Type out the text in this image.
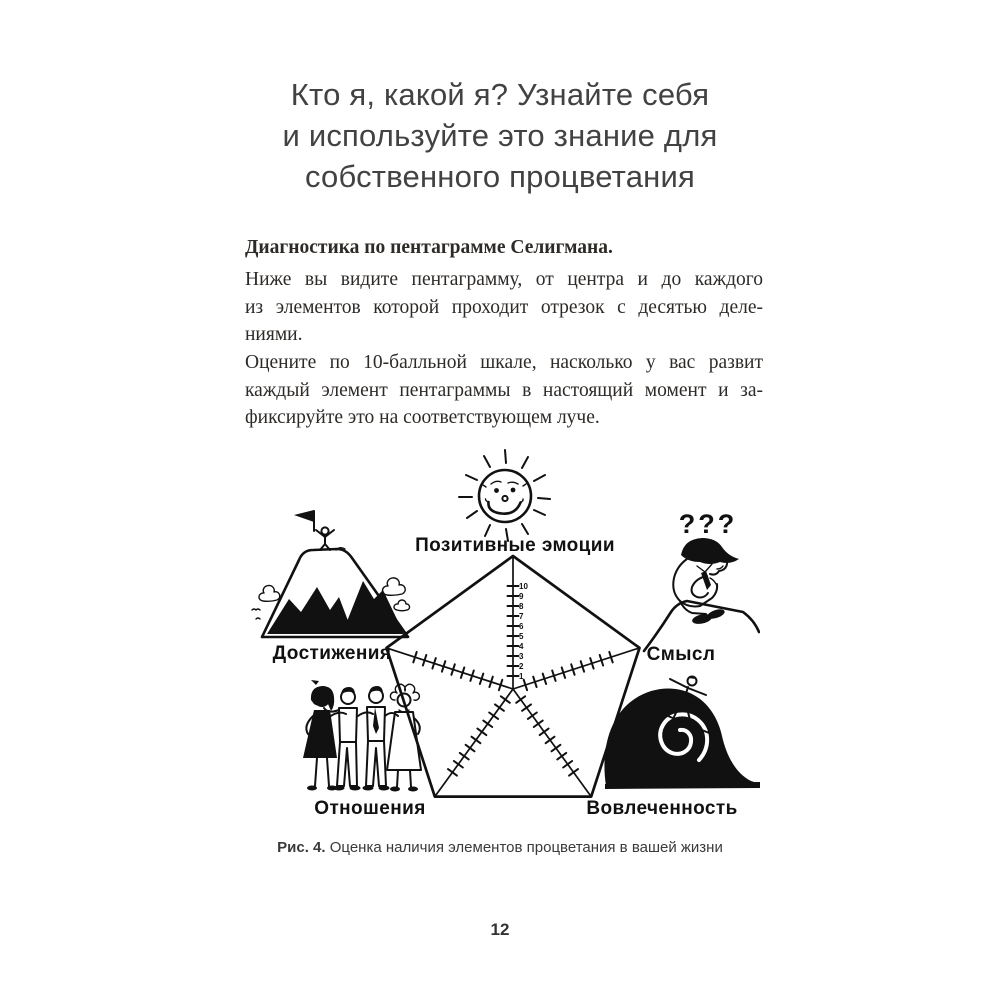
Кто я, какой я? Узнайте себя
и используйте это знание для
собственного процветания
Диагностика по пентаграмме Селигмана.
Ниже вы видите пентаграмму, от центра и до каждого
из элементов которой проходит отрезок с десятью деле-
ниями.
Оцените по 10-балльной шкале, насколько у вас развит
каждый элемент пентаграммы в настоящий момент и за-
фиксируйте это на соответствующем луче.
1
2
3
4
5
6
7
8
9
10
???
Позитивные эмоции
Смысл
Вовлеченность
Отношения
Достижения
Рис. 4. Оценка наличия элементов процветания в вашей жизни
12
